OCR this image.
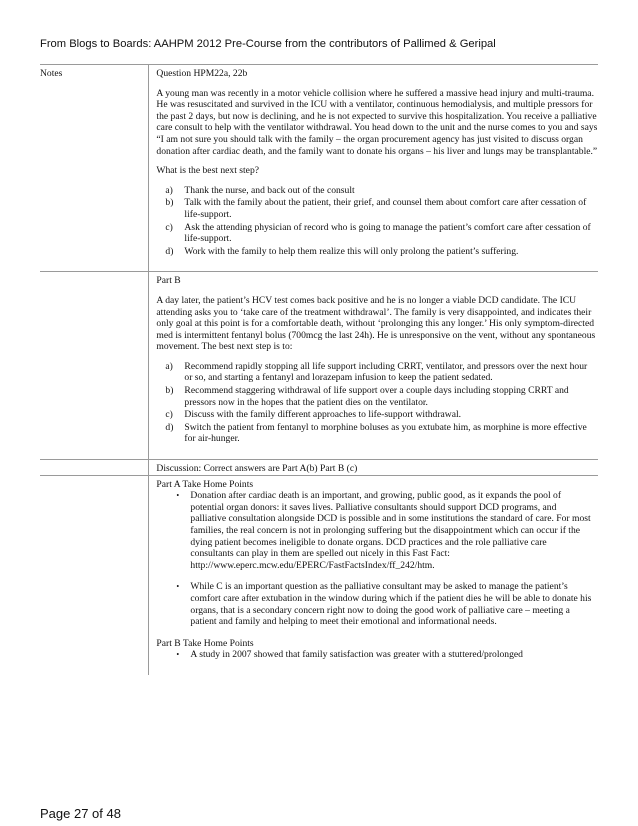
From Blogs to Boards: AAHPM 2012 Pre-Course from the contributors of Pallimed & Geripal
Notes	Question HPM22a, 22b

A young man was recently in a motor vehicle collision where he suffered a massive head injury and multi-trauma. He was resuscitated and survived in the ICU with a ventilator, continuous hemodialysis, and multiple pressors for the past 2 days, but now is declining, and he is not expected to survive this hospitalization. You receive a palliative care consult to help with the ventilator withdrawal. You head down to the unit and the nurse comes to you and says “I am not sure you should talk with the family – the organ procurement agency has just visited to discuss organ donation after cardiac death, and the family want to donate his organs – his liver and lungs may be transplantable.”

What is the best next step?

a)	Thank the nurse, and back out of the consult
b)	Talk with the family about the patient, their grief, and counsel them about comfort care after cessation of life-support.
c)	Ask the attending physician of record who is going to manage the patient’s comfort care after cessation of life-support.
d)	Work with the family to help them realize this will only prolong the patient’s suffering.

Part B

A day later, the patient’s HCV test comes back positive and he is no longer a viable DCD candidate. The ICU attending asks you to ‘take care of the treatment withdrawal’. The family is very disappointed, and indicates their only goal at this point is for a comfortable death, without ‘prolonging this any longer.’ His only symptom-directed med is intermittent fentanyl bolus (700mcg the last 24h). He is unresponsive on the vent, without any spontaneous movement. The best next step is to:

a)	Recommend rapidly stopping all life support including CRRT, ventilator, and pressors over the next hour or so, and starting a fentanyl and lorazepam infusion to keep the patient sedated.
b)	Recommend staggering withdrawal of life support over a couple days including stopping CRRT and pressors now in the hopes that the patient dies on the ventilator.
c)	Discuss with the family different approaches to life-support withdrawal.
d)	Switch the patient from fentanyl to morphine boluses as you extubate him, as morphine is more effective for air-hunger.

Discussion: Correct answers are Part A(b) Part B (c)

Part A Take Home Points

•	Donation after cardiac death is an important, and growing, public good, as it expands the pool of potential organ donors: it saves lives. Palliative consultants should support DCD programs, and palliative consultation alongside DCD is possible and in some institutions the standard of care. For most families, the real concern is not in prolonging suffering but the disappointment which can occur if the dying patient becomes ineligible to donate organs. DCD practices and the role palliative care consultants can play in them are spelled out nicely in this Fast Fact: http://www.eperc.mcw.edu/EPERC/FastFactsIndex/ff_242/htm.
•	While C is an important question as the palliative consultant may be asked to manage the patient’s comfort care after extubation in the window during which if the patient dies he will be able to donate his organs, that is a secondary concern right now to doing the good work of palliative care – meeting a patient and family and helping to meet their emotional and informational needs.

Part B Take Home Points

•	A study in 2007 showed that family satisfaction was greater with a stuttered/prolonged
Page 27 of 48
